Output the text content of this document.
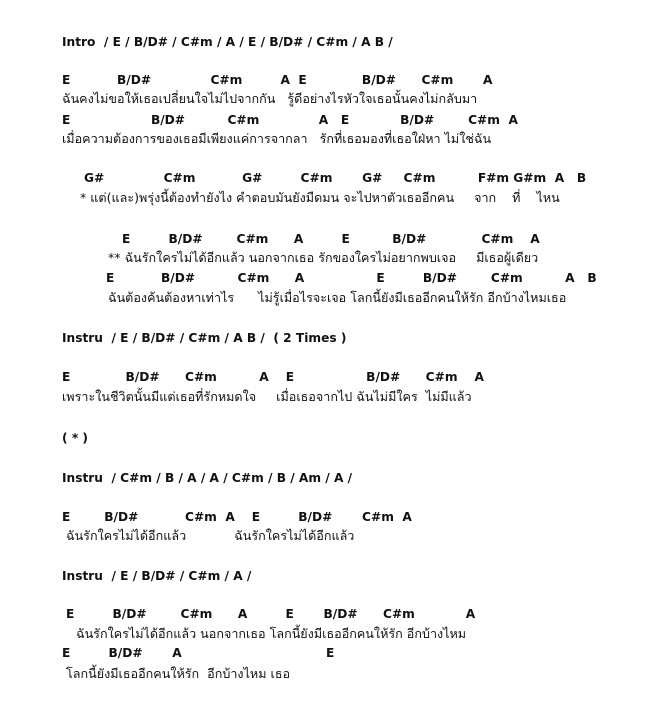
Intro  / E / B/D# / C#m / A / E / B/D# / C#m / A B /
E           B/D#              C#m         A  E             B/D#      C#m       A
ฉันคงไม่ขอให้เธอเปลี่ยนใจไม่ไปจากกัน   รู้ดีอย่างไรหัวใจเธอนั้นคงไม่กลับมา
E                   B/D#          C#m              A   E            B/D#        C#m  A
เมื่อความต้องการของเธอมีเพียงแค่การจากลา   รักที่เธอมองที่เธอใฝ่หา ไม่ใช่ฉัน
G#              C#m           G#         C#m       G#     C#m          F#m G#m  A   B
* แต่(และ)พรุ่งนี้ต้องทำยังไง คำตอบมันยังมืดมน จะไปหาตัวเธออีกคน     จาก    ที่    ไหน
E         B/D#        C#m      A         E          B/D#             C#m    A
** ฉันรักใครไม่ได้อีกแล้ว นอกจากเธอ รักของใครไม่อยากพบเจอ     มีเธอผู้เดียว
E           B/D#          C#m      A                 E         B/D#        C#m          A   B
ฉันต้องค้นต้องหาเท่าไร      ไม่รู้เมื่อไรจะเจอ โลกนี้ยังมีเธออีกคนให้รัก อีกบ้างไหมเธอ
Instru  / E / B/D# / C#m / A B /  ( 2 Times )
E             B/D#      C#m          A    E                 B/D#      C#m    A
เพราะในชีวิตนั้นมีแต่เธอที่รักหมดใจ     เมื่อเธอจากไป ฉันไม่มีใคร  ไม่มีแล้ว
( * )
Instru  / C#m / B / A / A / C#m / B / Am / A /
E        B/D#           C#m  A    E         B/D#       C#m  A
ฉันรักใครไม่ได้อีกแล้ว            ฉันรักใครไม่ได้อีกแล้ว
Instru  / E / B/D# / C#m / A /
E         B/D#        C#m      A         E       B/D#      C#m            A
ฉันรักใครไม่ได้อีกแล้ว นอกจากเธอ โลกนี้ยังมีเธออีกคนให้รัก อีกบ้างไหม
E         B/D#       A                                  E
โลกนี้ยังมีเธออีกคนให้รัก  อีกบ้างไหม เธอ
